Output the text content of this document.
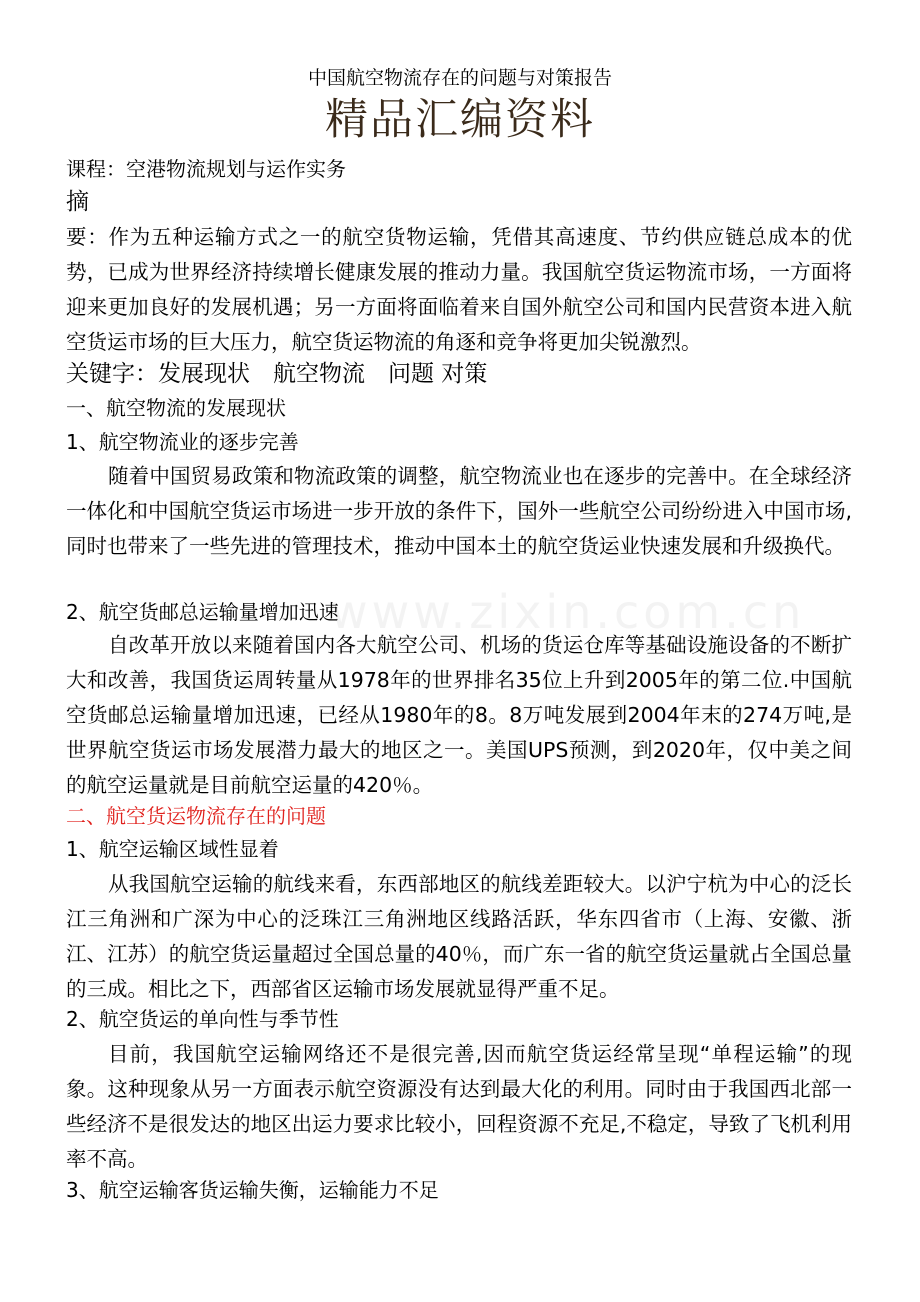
www.zixin.com.cn
中国航空物流存在的问题与对策报告
精品汇编资料
课程：空港物流规划与运作实务
摘

要：作为五种运输方式之一的航空货物运输，凭借其高速度、节约供应链总成本的优势，已成为世界经济持续增长健康发展的推动力量。我国航空货运物流市场，一方面将迎来更加良好的发展机遇；另一方面将面临着来自国外航空公司和国内民营资本进入航空货运市场的巨大压力，航空货运物流的角逐和竞争将更加尖锐激烈。

关键字：发展现状　航空物流　问题 对策
一、航空物流的发展现状
1、航空物流业的逐步完善

随着中国贸易政策和物流政策的调整，航空物流业也在逐步的完善中。在全球经济一体化和中国航空货运市场进一步开放的条件下，国外一些航空公司纷纷进入中国市场,同时也带来了一些先进的管理技术，推动中国本土的航空货运业快速发展和升级换代。

2、航空货邮总运输量增加迅速

自改革开放以来随着国内各大航空公司、机场的货运仓库等基础设施设备的不断扩大和改善，我国货运周转量从1978年的世界排名35位上升到2005年的第二位.中国航空货邮总运输量增加迅速，已经从1980年的8。8万吨发展到2004年末的274万吨,是世界航空货运市场发展潜力最大的地区之一。美国UPS预测，到2020年，仅中美之间的航空运量就是目前航空运量的420％。

二、航空货运物流存在的问题
1、航空运输区域性显着

从我国航空运输的航线来看，东西部地区的航线差距较大。以沪宁杭为中心的泛长江三角洲和广深为中心的泛珠江三角洲地区线路活跃，华东四省市（上海、安徽、浙江、江苏）的航空货运量超过全国总量的40％，而广东一省的航空货运量就占全国总量的三成。相比之下，西部省区运输市场发展就显得严重不足。

2、航空货运的单向性与季节性

目前，我国航空运输网络还不是很完善,因而航空货运经常呈现“单程运输”的现象。这种现象从另一方面表示航空资源没有达到最大化的利用。同时由于我国西北部一些经济不是很发达的地区出运力要求比较小，回程资源不充足,不稳定，导致了飞机利用率不高。

3、航空运输客货运输失衡，运输能力不足
